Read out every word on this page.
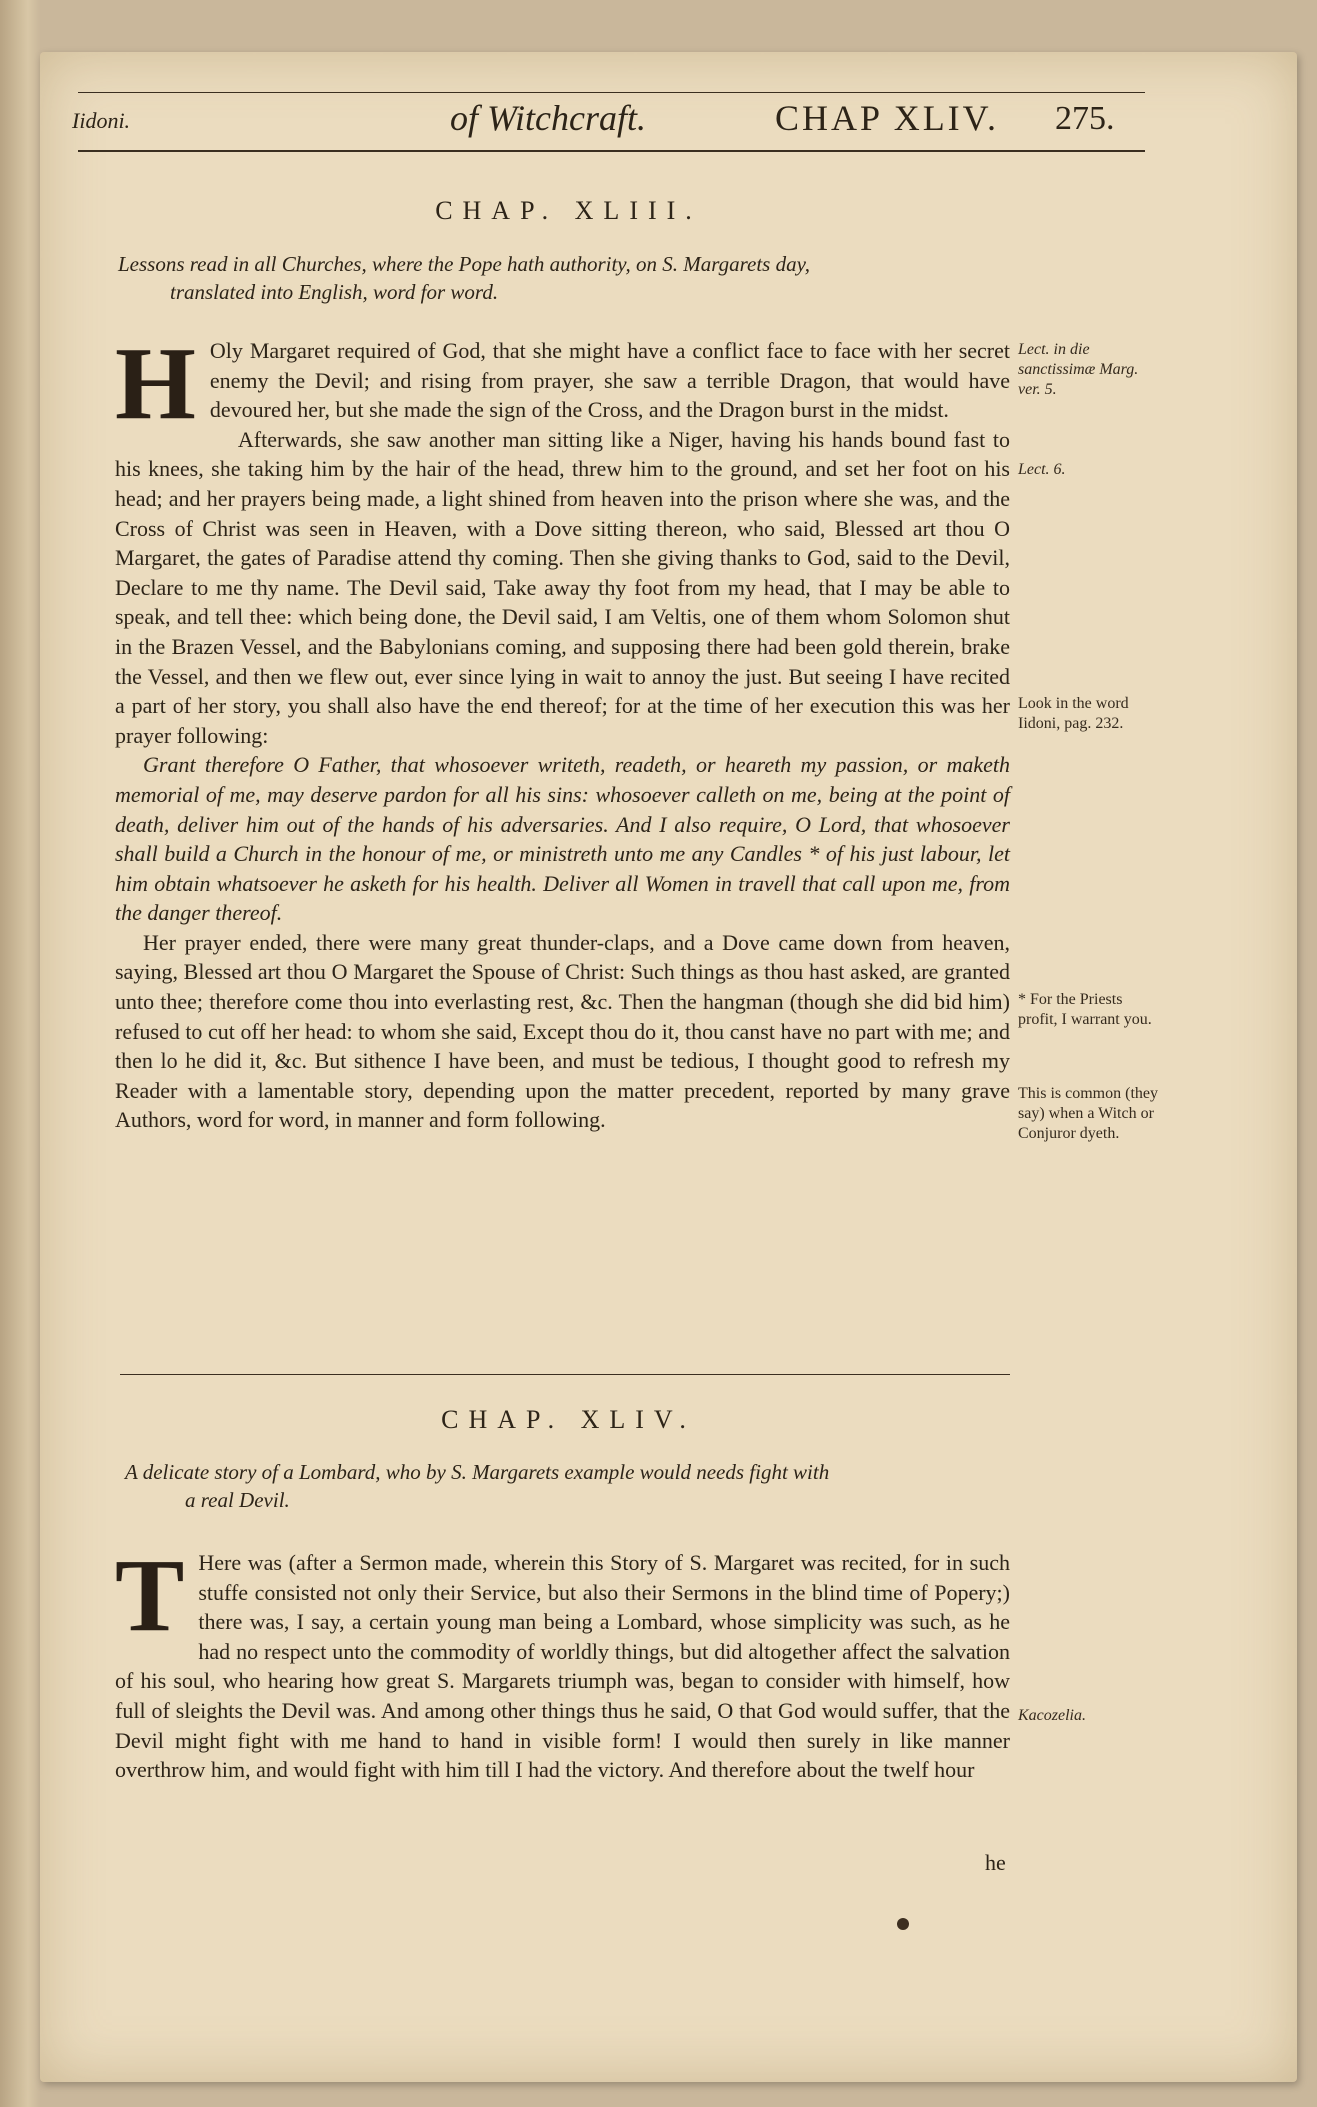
Iidoni.	of Witchcraft.	CHAP XLIV. 275.
CHAP. XLIII.
Lessons read in all Churches, where the Pope hath authority, on S. Margarets day,
translated into English, word for word.

H Oly Margaret required of God, that she might have a conflict face to face with her secret enemy the Devil; and rising from prayer, she saw a terrible Dragon, that would have devoured her, but she made the sign of the Cross, and the Dragon burst in the midst.

Afterwards, she saw another man sitting like a Niger, having his hands bound fast to his knees, she taking him by the hair of the head, threw him to the ground, and set her foot on his head; and her prayers being made, a light shined from heaven into the prison where she was, and the Cross of Christ was seen in Heaven, with a Dove sitting thereon, who said, Blessed art thou O Margaret, the gates of Paradise attend thy coming. Then she giving thanks to God, said to the Devil, Declare to me thy name. The Devil said, Take away thy foot from my head, that I may be able to speak, and tell thee: which being done, the Devil said, I am Veltis, one of them whom Solomon shut in the Brazen Vessel, and the Babylonians coming, and supposing there had been gold therein, brake the Vessel, and then we flew out, ever since lying in wait to annoy the just. But seeing I have recited a part of her story, you shall also have the end thereof; for at the time of her execution this was her prayer following:

Grant therefore O Father, that whosoever writeth, readeth, or heareth my passion, or maketh memorial of me, may deserve pardon for all his sins: whosoever calleth on me, being at the point of death, deliver him out of the hands of his adversaries. And I also require, O Lord, that whosoever shall build a Church in the honour of me, or ministreth unto me any Candles * of his just labour, let him obtain whatsoever he asketh for his health. Deliver all Women in travell that call upon me, from the danger thereof.

Her prayer ended, there were many great thunder-claps, and a Dove came down from heaven, saying, Blessed art thou O Margaret the Spouse of Christ: Such things as thou hast asked, are granted unto thee; therefore come thou into everlasting rest, &c. Then the hangman (though she did bid him) refused to cut off her head: to whom she said, Except thou do it, thou canst have no part with me; and then lo he did it, &c. But sithence I have been, and must be tedious, I thought good to refresh my Reader with a lamentable story, depending upon the matter precedent, reported by many grave Authors, word for word, in manner and form following.

CHAP. XLIV.
A delicate story of a Lombard, who by S. Margarets example would needs fight with
a real Devil.

T Here was (after a Sermon made, wherein this Story of S. Margaret was recited, for in such stuffe consisted not only their Service, but also their Sermons in the blind time of Popery;) there was, I say, a certain young man being a Lombard, whose simplicity was such, as he had no respect unto the commodity of worldly things, but did altogether affect the salvation of his soul, who hearing how great S. Margarets triumph was, began to consider with himself, how full of sleights the Devil was. And among other things thus he said, O that God would suffer, that the Devil might fight with me hand to hand in visible form! I would then surely in like manner overthrow him, and would fight with him till I had the victory. And therefore about the twelf hour

he
Lect. in die sanctissimæ Marg. ver. 5.
Lect. 6.
Look in the word Iidoni, pag. 232.
* For the Priests profit, I warrant you.
This is common (they say) when a Witch or Conjuror dyeth.
Kacozelia.
